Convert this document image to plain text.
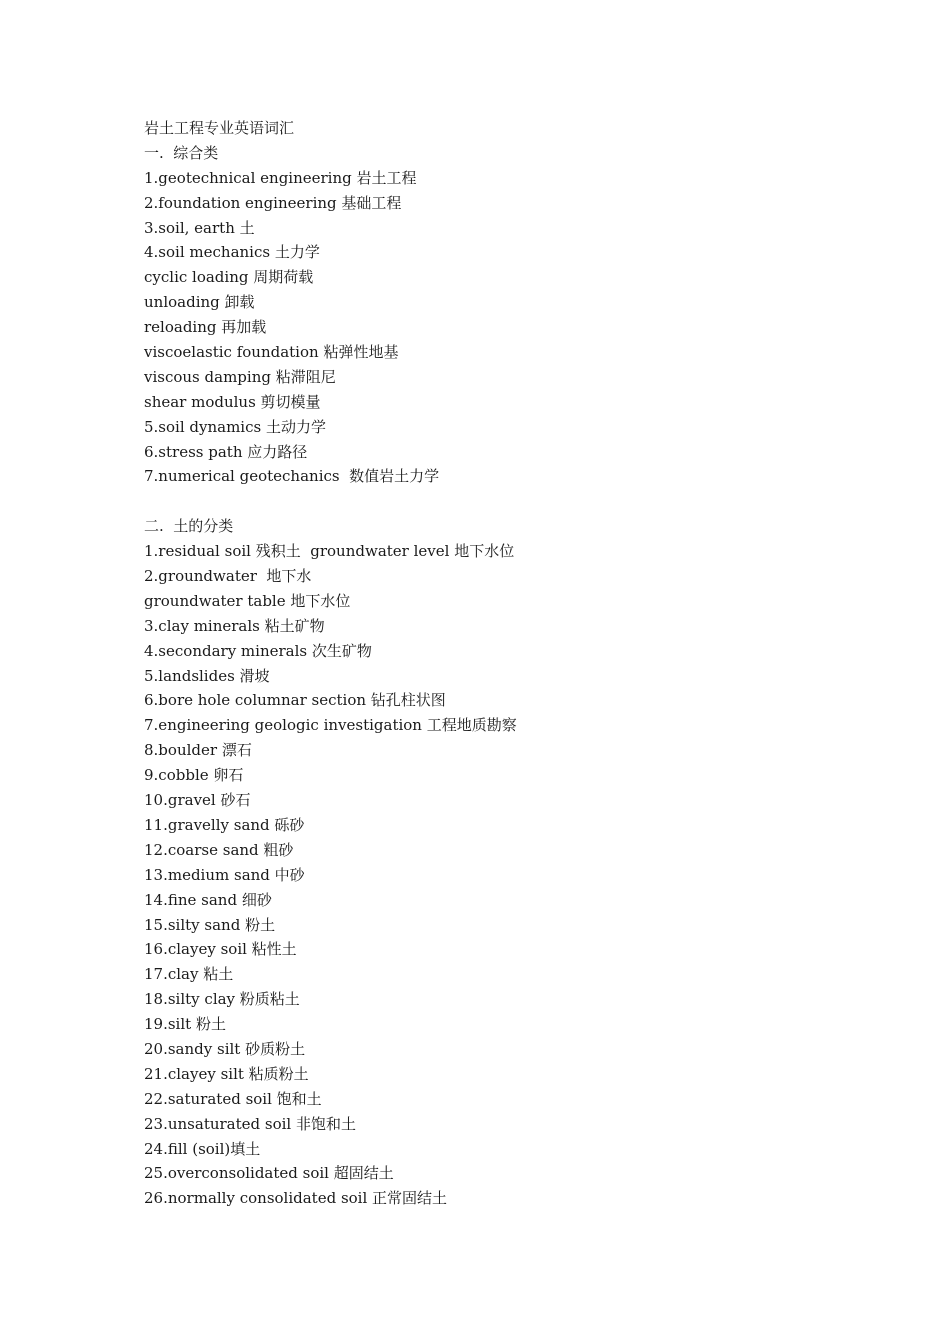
岩土工程专业英语词汇
一.  综合类
1.geotechnical engineering 岩土工程
2.foundation engineering 基础工程
3.soil, earth 土
4.soil mechanics 土力学
cyclic loading 周期荷载
unloading 卸载
reloading 再加载
viscoelastic foundation 粘弹性地基
viscous damping 粘滞阻尼
shear modulus 剪切模量
5.soil dynamics 土动力学
6.stress path 应力路径
7.numerical geotechanics  数值岩土力学
二.  土的分类
1.residual soil 残积土  groundwater level 地下水位
2.groundwater  地下水
groundwater table 地下水位
3.clay minerals 粘土矿物
4.secondary minerals 次生矿物
5.landslides 滑坡
6.bore hole columnar section 钻孔柱状图
7.engineering geologic investigation 工程地质勘察
8.boulder 漂石
9.cobble 卵石
10.gravel 砂石
11.gravelly sand 砾砂
12.coarse sand 粗砂
13.medium sand 中砂
14.fine sand 细砂
15.silty sand 粉土
16.clayey soil 粘性土
17.clay 粘土
18.silty clay 粉质粘土
19.silt 粉土
20.sandy silt 砂质粉土
21.clayey silt 粘质粉土
22.saturated soil 饱和土
23.unsaturated soil 非饱和土
24.fill (soil)填土
25.overconsolidated soil 超固结土
26.normally consolidated soil 正常固结土
